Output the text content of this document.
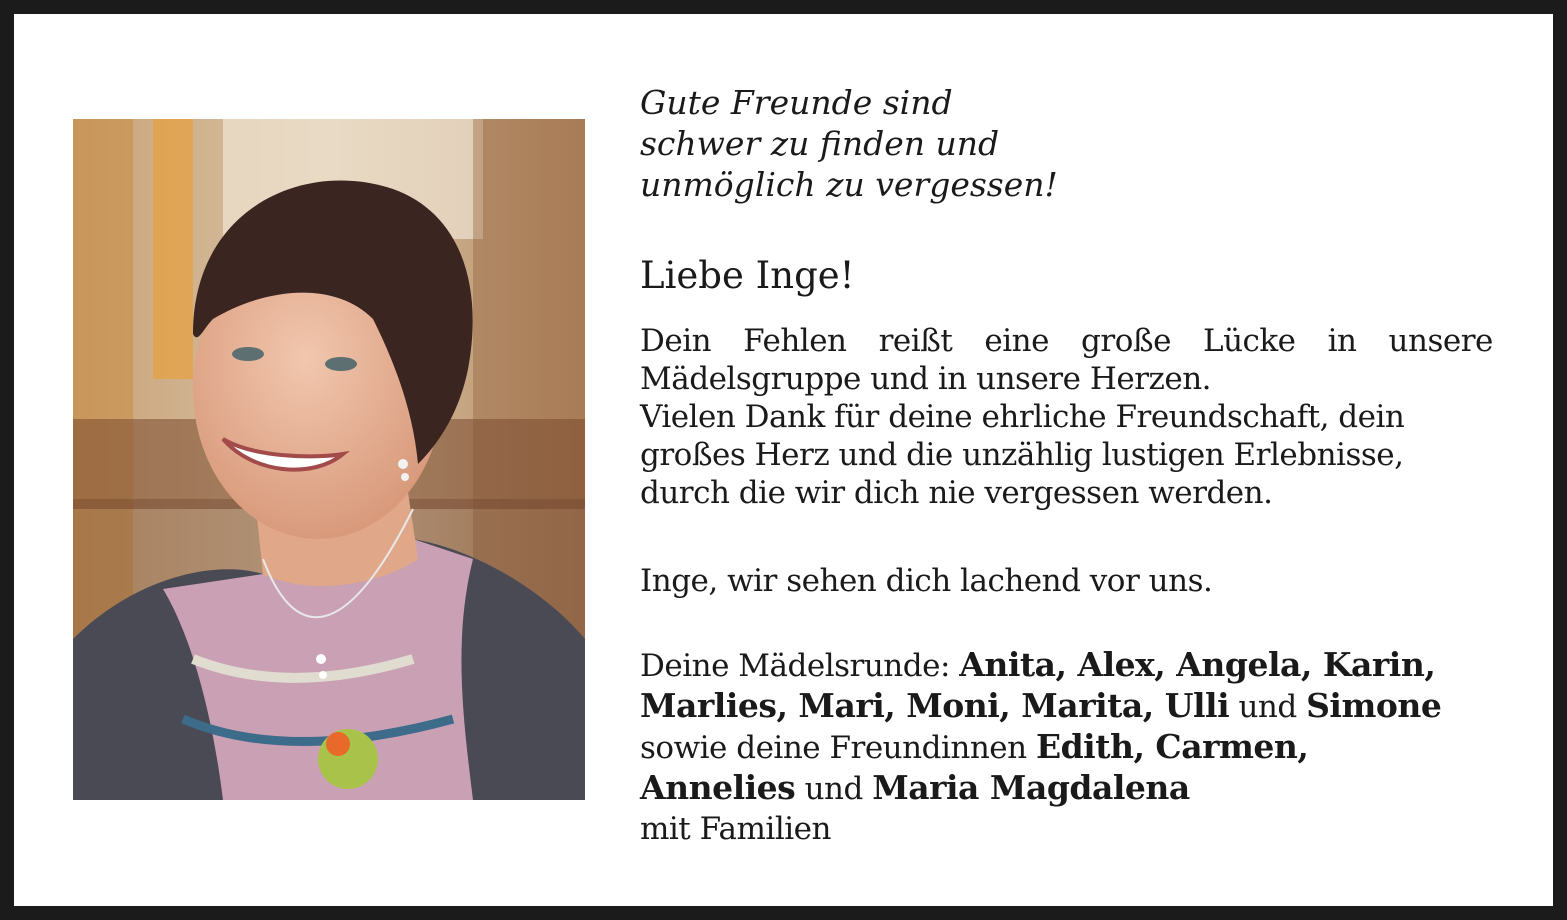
Gute Freunde sind
schwer zu finden und
unmöglich zu vergessen!

Liebe Inge!

Dein Fehlen reißt eine große Lücke in unsere
Mädelsgruppe und in unsere Herzen.
Vielen Dank für deine ehrliche Freundschaft, dein
großes Herz und die unzählig lustigen Erlebnisse,
durch die wir dich nie vergessen werden.

Inge, wir sehen dich lachend vor uns.

Deine Mädelsrunde: Anita, Alex, Angela, Karin,
Marlies, Mari, Moni, Marita, Ulli und Simone
sowie deine Freundinnen Edith, Carmen,
Annelies und Maria Magdalena
mit Familien
